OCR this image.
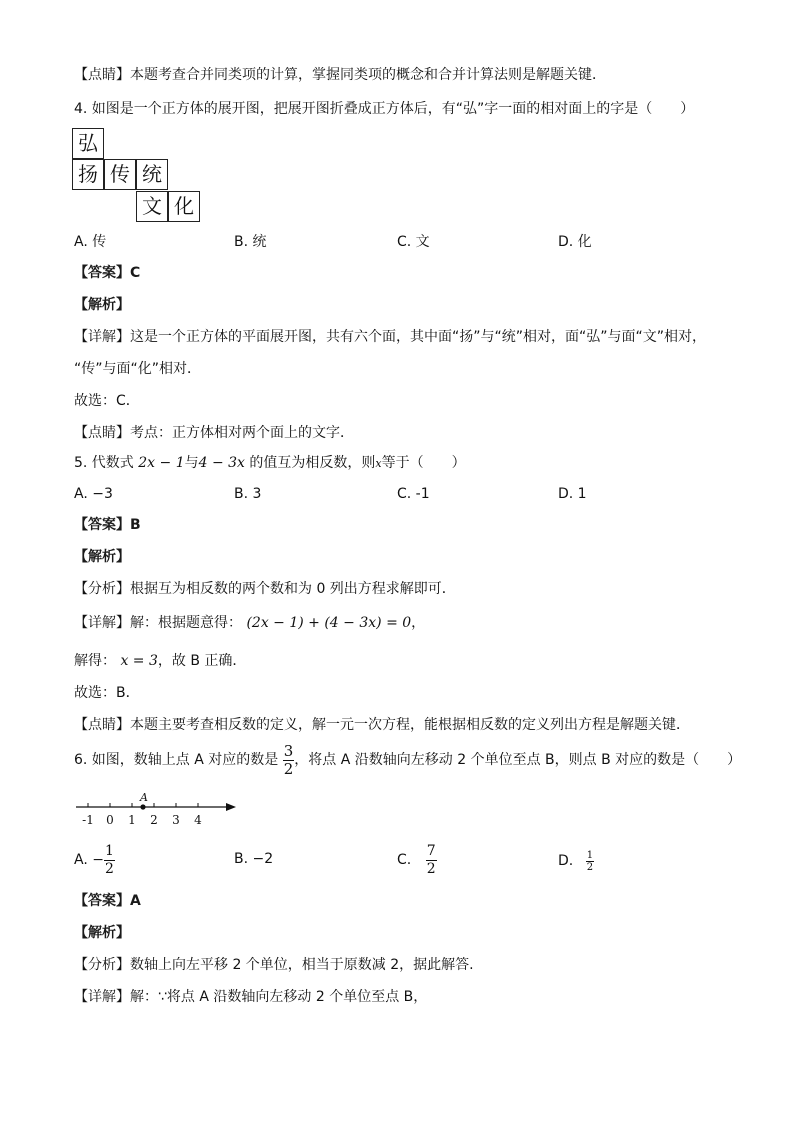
【点睛】本题考查合并同类项的计算，掌握同类项的概念和合并计算法则是解题关键．
4. 如图是一个正方体的展开图，把展开图折叠成正方体后，有“弘”字一面的相对面上的字是（　　）
弘
扬 传 统
文 化
A. 传	B. 统	C. 文	D. 化
【答案】C
【解析】
【详解】这是一个正方体的平面展开图，共有六个面，其中面“扬”与“统”相对，面“弘”与面“文”相对，
“传”与面“化”相对．
故选：C．
【点睛】考点：正方体相对两个面上的文字．
5. 代数式 2x − 1与4 − 3x 的值互为相反数，则x等于（　　）
A. −3	B. 3	C. -1	D. 1
【答案】B
【解析】
【分析】根据互为相反数的两个数和为 0 列出方程求解即可．
【详解】解：根据题意得： (2x − 1) + (4 − 3x) = 0，
解得： x = 3，故 B 正确．
故选：B．
【点睛】本题主要考查相反数的定义，解一元一次方程，能根据相反数的定义列出方程是解题关键．
6. 如图，数轴上点 A 对应的数是 $\frac{3}{2}$ ，将点 A 沿数轴向左移动 2 个单位至点 B，则点 B 对应的数是（　　）
-1 0 1 2 3 4
A
A. − $\frac{1}{2}$	B. −2	C. $\frac{7}{2}$	D. $\frac{1}{2}$
【答案】A
【解析】
【分析】数轴上向左平移 2 个单位，相当于原数减 2，据此解答.
【详解】解：∵将点 A 沿数轴向左移动 2 个单位至点 B，
